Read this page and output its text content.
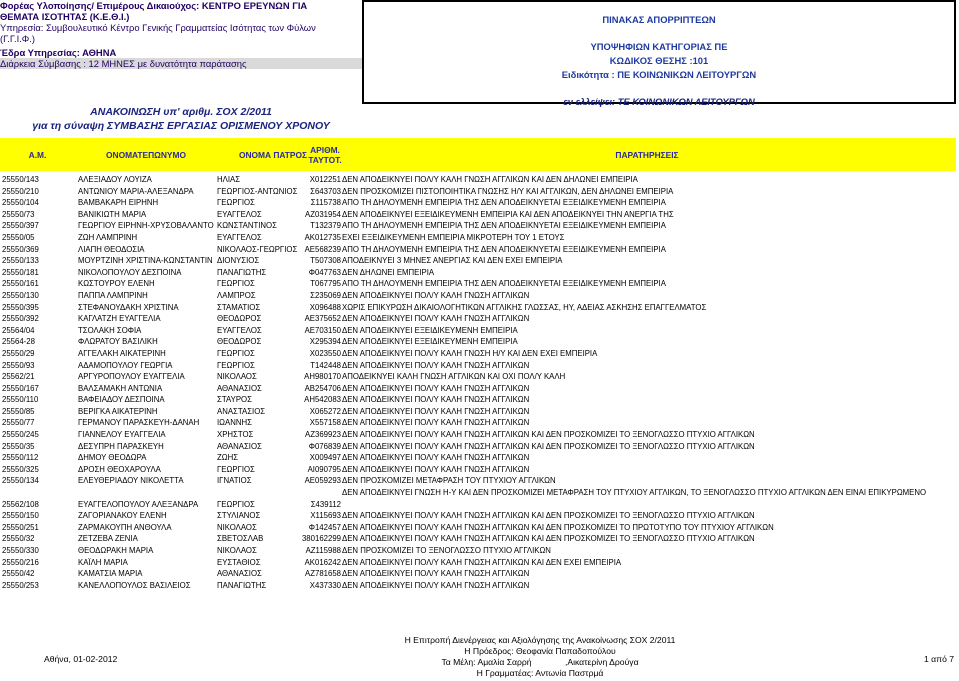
Φορέας Υλοποίησης/ Επιμέρους Δικαιούχος: ΚΕΝΤΡΟ ΕΡΕΥΝΩΝ ΓΙΑ
ΘΕΜΑΤΑ ΙΣΟΤΗΤΑΣ (Κ.Ε.Θ.Ι.)
Υπηρεσία: Συμβουλευτικό Κέντρο Γενικής Γραμματείας Ισότητας των Φύλων
(Γ.Γ.Ι.Φ.)
Έδρα Υπηρεσίας: ΑΘΗΝΑ
Διάρκεια Σύμβασης : 12 ΜΗΝΕΣ με δυνατότητα παράτασης
ΠΙΝΑΚΑΣ ΑΠΟΡΡΙΠΤΕΩΝ
ΥΠΟΨΗΦΙΩΝ ΚΑΤΗΓΟΡΙΑΣ ΠΕ
ΚΩΔΙΚΟΣ ΘΕΣΗΣ :101
Ειδικότητα : ΠΕ ΚΟΙΝΩΝΙΚΩΝ ΛΕΙΤΟΥΡΓΩΝ
εν ελλείψει: ΤΕ ΚΟΙΝΩΝΙΚΩΝ ΛΕΙΤΟΥΡΓΩΝ
ΑΝΑΚΟΙΝΩΣΗ υπ' αριθμ. ΣΟΧ 2/2011
για τη σύναψη ΣΥΜΒΑΣΗΣ ΕΡΓΑΣΙΑΣ ΟΡΙΣΜΕΝΟΥ ΧΡΟΝΟΥ
Α.Μ.	ΟΝΟΜΑΤΕΠΩΝΥΜΟ	ΟΝΟΜΑ ΠΑΤΡΟΣ ΑΡΙΘΜ. ΤΑΥΤΟΤ.	ΠΑΡΑΤΗΡΗΣΕΙΣ
25550/143	ΑΛΕΞΙΑΔΟΥ ΛΟΥΙΖΑ	ΗΛΙΑΣ	Χ012251 ΔΕΝ ΑΠΟΔΕΙΚΝΥΕΙ ΠΟΛ/Υ ΚΑΛΗ ΓΝΩΣΗ ΑΓΓΛΙΚΩΝ ΚΑΙ ΔΕΝ ΔΗΛΩΝΕΙ ΕΜΠΕΙΡΙΑ
25550/210	ΑΝΤΩΝΙΟΥ ΜΑΡΙΑ-ΑΛΕΞΑΝΔΡΑ	ΓΕΩΡΓΙΟΣ-ΑΝΤΩΝΙΟΣ	Σ643703 ΔΕΝ ΠΡΟΣΚΟΜΙΖΕΙ ΠΙΣΤΟΠΟΙΗΤΙΚΑ ΓΝΩΣΗΣ Η/Υ ΚΑΙ ΑΓΓΛΙΚΩΝ, ΔΕΝ ΔΗΛΩΝΕΙ ΕΜΠΕΙΡΙΑ
25550/104	ΒΑΜΒΑΚΑΡΗ ΕΙΡΗΝΗ	ΓΕΩΡΓΙΟΣ	Σ115738 ΑΠΟ ΤΗ ΔΗΛΟΥΜΕΝΗ ΕΜΠΕΙΡΙΑ ΤΗΣ ΔΕΝ ΑΠΟΔΕΙΚΝΥΕΤΑΙ ΕΞΕΙΔΙΚΕΥΜΕΝΗ ΕΜΠΕΙΡΙΑ
25550/73	ΒΑΝΙΚΙΩΤΗ ΜΑΡΙΑ	ΕΥΑΓΓΕΛΟΣ	ΑΖ031954 ΔΕΝ ΑΠΟΔΕΙΚΝΥΕΙ ΕΞΕΙΔΙΚΕΥΜΕΝΗ ΕΜΠΕΙΡΙΑ ΚΑΙ ΔΕΝ ΑΠΟΔΕΙΚΝΥΕΙ ΤΗΝ ΑΝΕΡΓΙΑ ΤΗΣ
25550/397	ΓΕΩΡΓΙΟΥ ΕΙΡΗΝΗ-ΧΡΥΣΟΒΑΛΑΝΤΟ ΚΩΝΣΤΑΝΤΙΝΟΣ	Τ132379 ΑΠΟ ΤΗ ΔΗΛΟΥΜΕΝΗ ΕΜΠΕΙΡΙΑ ΤΗΣ ΔΕΝ ΑΠΟΔΕΙΚΝΥΕΤΑΙ ΕΞΕΙΔΙΚΕΥΜΕΝΗ ΕΜΠΕΙΡΙΑ
25550/05	ΖΩΗ ΛΑΜΠΡΙΝΗ	ΕΥΑΓΓΕΛΟΣ	ΑΚ012735 ΕΧΕΙ ΕΞΕΙΔΙΚΕΥΜΕΝΗ ΕΜΠΕΙΡΙΑ ΜΙΚΡΟΤΕΡΗ ΤΟΥ 1 ΕΤΟΥΣ
25550/369	ΛΙΑΠΗ ΘΕΟΔΟΣΙΑ	ΝΙΚΟΛΑΟΣ-ΓΕΩΡΓΙΟΣ ΑΕ568239 ΑΠΟ ΤΗ ΔΗΛΟΥΜΕΝΗ ΕΜΠΕΙΡΙΑ ΤΗΣ ΔΕΝ ΑΠΟΔΕΙΚΝΥΕΤΑΙ ΕΞΕΙΔΙΚΕΥΜΕΝΗ ΕΜΠΕΙΡΙΑ
25550/133	ΜΟΥΡΤΖΙΝΗ ΧΡΙΣΤΙΝΑ-ΚΩΝΣΤΑΝΤΙΝ ΔΙΟΝΥΣΙΟΣ	Τ507308 ΑΠΟΔΕΙΚΝΥΕΙ 3 ΜΗΝΕΣ ΑΝΕΡΓΙΑΣ ΚΑΙ ΔΕΝ ΕΧΕΙ ΕΜΠΕΙΡΙΑ
25550/181	ΝΙΚΟΛΟΠΟΥΛΟΥ ΔΕΣΠΟΙΝΑ	ΠΑΝΑΓΙΩΤΗΣ	Φ047763 ΔΕΝ ΔΗΛΩΝΕΙ ΕΜΠΕΙΡΙΑ
25550/161	ΚΩΣΤΟΥΡΟΥ ΕΛΕΝΗ	ΓΕΩΡΓΙΟΣ	Τ067795 ΑΠΟ ΤΗ ΔΗΛΟΥΜΕΝΗ ΕΜΠΕΙΡΙΑ ΤΗΣ ΔΕΝ ΑΠΟΔΕΙΚΝΥΕΤΑΙ ΕΞΕΙΔΙΚΕΥΜΕΝΗ ΕΜΠΕΙΡΙΑ
25550/130	ΠΑΠΠΑ ΛΑΜΠΡΙΝΗ	ΛΑΜΠΡΟΣ	Σ235069 ΔΕΝ ΑΠΟΔΕΙΚΝΥΕΙ ΠΟΛ/Υ ΚΑΛΗ ΓΝΩΣΗ ΑΓΓΛΙΚΩΝ
25550/395	ΣΤΕΦΑΝΟΥΔΑΚΗ ΧΡΙΣΤΙΝΑ	ΣΤΑΜΑΤΙΟΣ	Χ096488 ΧΩΡΙΣ ΕΠΙΚΥΡΩΣΗ ΔΙΚΑΙΟΛΟΓΗΤΙΚΩΝ ΑΓΓΛΙΚΗΣ ΓΛΩΣΣΑΣ, ΗΥ, ΑΔΕΙΑΣ ΑΣΚΗΣΗΣ ΕΠΑΓΓΕΛΜΑΤΟΣ
25550/392	ΚΑΓΛΑΤΖΗ ΕΥΑΓΓΕΛΙΑ	ΘΕΟΔΩΡΟΣ	ΑΕ375652 ΔΕΝ ΑΠΟΔΕΙΚΝΥΕΙ ΠΟΛ/Υ ΚΑΛΗ ΓΝΩΣΗ ΑΓΓΛΙΚΩΝ
25564/04	ΤΣΟΛΑΚΗ ΣΟΦΙΑ	ΕΥΑΓΓΕΛΟΣ	ΑΕ703150 ΔΕΝ ΑΠΟΔΕΙΚΝΥΕΙ ΕΞΕΙΔΙΚΕΥΜΕΝΗ ΕΜΠΕΙΡΙΑ
25564-28	ΦΛΩΡΑΤΟΥ ΒΑΣΙΛΙΚΗ	ΘΕΟΔΩΡΟΣ	Χ295394 ΔΕΝ ΑΠΟΔΕΙΚΝΥΕΙ ΕΞΕΙΔΙΚΕΥΜΕΝΗ ΕΜΠΕΙΡΙΑ
25550/29	ΑΓΓΕΛΑΚΗ ΑΙΚΑΤΕΡΙΝΗ	ΓΕΩΡΓΙΟΣ	Χ023550 ΔΕΝ ΑΠΟΔΕΙΚΝΥΕΙ ΠΟΛ/Υ ΚΑΛΗ ΓΝΩΣΗ Η/Υ ΚΑΙ ΔΕΝ ΕΧΕΙ ΕΜΠΕΙΡΙΑ
25550/93	ΑΔΑΜΟΠΟΥΛΟΥ ΓΕΩΡΓΙΑ	ΓΕΩΡΓΙΟΣ	Τ142448 ΔΕΝ ΑΠΟΔΕΙΚΝΥΕΙ ΠΟΛ/Υ ΚΑΛΗ ΓΝΩΣΗ ΑΓΓΛΙΚΩΝ
25562/21	ΑΡΓΥΡΟΠΟΥΛΟΥ ΕΥΑΓΓΕΛΙΑ	ΝΙΚΟΛΑΟΣ	ΑΗ980170 ΑΠΟΔΕΙΚΝΥΕΙ ΚΑΛΗ ΓΝΩΣΗ ΑΓΓΛΙΚΩΝ ΚΑΙ ΟΧΙ ΠΟΛ/Υ ΚΑΛΗ
25550/167	ΒΑΛΣΑΜΑΚΗ ΑΝΤΩΝΙΑ	ΑΘΑΝΑΣΙΟΣ	ΑΒ254706 ΔΕΝ ΑΠΟΔΕΙΚΝΥΕΙ ΠΟΛ/Υ ΚΑΛΗ ΓΝΩΣΗ ΑΓΓΛΙΚΩΝ
25550/110	ΒΑΦΕΙΑΔΟΥ ΔΕΣΠΟΙΝΑ	ΣΤΑΥΡΟΣ	ΑΗ542083 ΔΕΝ ΑΠΟΔΕΙΚΝΥΕΙ ΠΟΛ/Υ ΚΑΛΗ ΓΝΩΣΗ ΑΓΓΛΙΚΩΝ
25550/85	ΒΕΡΙΓΚΑ ΑΙΚΑΤΕΡΙΝΗ	ΑΝΑΣΤΑΣΙΟΣ	Χ065272 ΔΕΝ ΑΠΟΔΕΙΚΝΥΕΙ ΠΟΛ/Υ ΚΑΛΗ ΓΝΩΣΗ ΑΓΓΛΙΚΩΝ
25550/77	ΓΕΡΜΑΝΟΥ ΠΑΡΑΣΚΕΥΗ-ΔΑΝΑΗ	ΙΩΑΝΝΗΣ	Χ557158 ΔΕΝ ΑΠΟΔΕΙΚΝΥΕΙ ΠΟΛ/Υ ΚΑΛΗ ΓΝΩΣΗ ΑΓΓΛΙΚΩΝ
25550/245	ΓΙΑΝΝΕΛΟΥ ΕΥΑΓΓΕΛΙΑ	ΧΡΗΣΤΟΣ	ΑΖ369923 ΔΕΝ ΑΠΟΔΕΙΚΝΥΕΙ ΠΟΛ/Υ ΚΑΛΗ ΓΝΩΣΗ ΑΓΓΛΙΚΩΝ ΚΑΙ ΔΕΝ ΠΡΟΣΚΟΜΙΖΕΙ ΤΟ ΞΕΝΟΓΛΩΣΣΟ ΠΤΥΧΙΟ ΑΓΓΛΙΚΩΝ
25550/35	ΔΕΣΥΠΡΗ ΠΑΡΑΣΚΕΥΗ	ΑΘΑΝΑΣΙΟΣ	Φ076839 ΔΕΝ ΑΠΟΔΕΙΚΝΥΕΙ ΠΟΛ/Υ ΚΑΛΗ ΓΝΩΣΗ ΑΓΓΛΙΚΩΝ ΚΑΙ ΔΕΝ ΠΡΟΣΚΟΜΙΖΕΙ ΤΟ ΞΕΝΟΓΛΩΣΣΟ ΠΤΥΧΙΟ ΑΓΓΛΙΚΩΝ
25550/112	ΔΗΜΟΥ ΘΕΟΔΩΡΑ	ΖΩΗΣ	Χ009497 ΔΕΝ ΑΠΟΔΕΙΚΝΥΕΙ ΠΟΛ/Υ ΚΑΛΗ ΓΝΩΣΗ ΑΓΓΛΙΚΩΝ
25550/325	ΔΡΟΣΗ ΘΕΟΧΑΡΟΥΛΑ	ΓΕΩΡΓΙΟΣ	ΑΙ090795 ΔΕΝ ΑΠΟΔΕΙΚΝΥΕΙ ΠΟΛ/Υ ΚΑΛΗ ΓΝΩΣΗ ΑΓΓΛΙΚΩΝ
25550/134	ΕΛΕΥΘΕΡΙΑΔΟΥ ΝΙΚΟΛΕΤΤΑ	ΙΓΝΑΤΙΟΣ	ΑΕ059293 ΔΕΝ ΠΡΟΣΚΟΜΙΖΕΙ ΜΕΤΑΦΡΑΣΗ ΤΟΥ ΠΤΥΧΙΟΥ ΑΓΓΛΙΚΩΝ
25562/108	ΕΥΑΓΓΕΛΟΠΟΥΛΟΥ ΑΛΕΞΑΝΔΡΑ	ΓΕΩΡΓΙΟΣ	Σ439112
ΔΕΝ ΑΠΟΔΕΙΚΝΥΕΙ ΓΝΩΣΗ Η-Υ ΚΑΙ ΔΕΝ ΠΡΟΣΚΟΜΙΖΕΙ ΜΕΤΑΦΡΑΣΗ ΤΟΥ ΠΤΥΧΙΟΥ ΑΓΓΛΙΚΩΝ, ΤΟ ΞΕΝΟΓΛΩΣΣΟ ΠΤΥΧΙΟ ΑΓΓΛΙΚΩΝ ΔΕΝ ΕΙΝΑΙ ΕΠΙΚΥΡΩΜΕΝΟ
25550/150	ΖΑΓΟΡΙΑΝΑΚΟΥ ΕΛΕΝΗ	ΣΤΥΛΙΑΝΟΣ	Χ115693 ΔΕΝ ΑΠΟΔΕΙΚΝΥΕΙ ΠΟΛ/Υ ΚΑΛΗ ΓΝΩΣΗ ΑΓΓΛΙΚΩΝ ΚΑΙ ΔΕΝ ΠΡΟΣΚΟΜΙΖΕΙ ΤΟ ΞΕΝΟΓΛΩΣΣΟ ΠΤΥΧΙΟ ΑΓΓΛΙΚΩΝ
25550/251	ΖΑΡΜΑΚΟΥΠΗ ΑΝΘΟΥΛΑ	ΝΙΚΟΛΑΟΣ	Φ142457 ΔΕΝ ΑΠΟΔΕΙΚΝΥΕΙ ΠΟΛ/Υ ΚΑΛΗ ΓΝΩΣΗ ΑΓΓΛΙΚΩΝ ΚΑΙ ΔΕΝ ΠΡΟΣΚΟΜΙΖΕΙ ΤΟ ΠΡΩΤΟΤΥΠΟ ΤΟΥ ΠΤΥΧΙΟΥ ΑΓΓΛΙΚΩΝ
25550/32	ΖΕΤΖΕΒΑ ΖΕΝΙΑ	ΣΒΕΤΟΣΛΑΒ	380162299 ΔΕΝ ΑΠΟΔΕΙΚΝΥΕΙ ΠΟΛ/Υ ΚΑΛΗ ΓΝΩΣΗ ΑΓΓΛΙΚΩΝ ΚΑΙ ΔΕΝ ΠΡΟΣΚΟΜΙΖΕΙ ΤΟ ΞΕΝΟΓΛΩΣΣΟ ΠΤΥΧΙΟ ΑΓΓΛΙΚΩΝ
25550/330	ΘΕΟΔΩΡΑΚΗ ΜΑΡΙΑ	ΝΙΚΟΛΑΟΣ	ΑΖ115988 ΔΕΝ ΠΡΟΣΚΟΜΙΖΕΙ ΤΟ ΞΕΝΟΓΛΩΣΣΟ ΠΤΥΧΙΟ ΑΓΓΛΙΚΩΝ
25550/216	ΚΑΪΛΗ ΜΑΡΙΑ	ΕΥΣΤΑΘΙΟΣ	ΑΚ016242 ΔΕΝ ΑΠΟΔΕΙΚΝΥΕΙ ΠΟΛ/Υ ΚΑΛΗ ΓΝΩΣΗ ΑΓΓΛΙΚΩΝ ΚΑΙ ΔΕΝ ΕΧΕΙ ΕΜΠΕΙΡΙΑ
25550/42	ΚΑΜΑΤΣΙΑ ΜΑΡΙΑ	ΑΘΑΝΑΣΙΟΣ	ΑΖ781658 ΔΕΝ ΑΠΟΔΕΙΚΝΥΕΙ ΠΟΛ/Υ ΚΑΛΗ ΓΝΩΣΗ ΑΓΓΛΙΚΩΝ
25550/253	ΚΑΝΕΛΛΟΠΟΥΛΟΣ ΒΑΣΙΛΕΙΟΣ	ΠΑΝΑΓΙΩΤΗΣ	Χ437330 ΔΕΝ ΑΠΟΔΕΙΚΝΥΕΙ ΠΟΛ/Υ ΚΑΛΗ ΓΝΩΣΗ ΑΓΓΛΙΚΩΝ
Η Επιτροπή Διενέργειας και Αξιολόγησης της Ανακοίνωσης ΣΟΧ 2/2011
Η Πρόεδρος: Θεοφανία Παπαδοπούλου
Τα Μέλη: Αμαλία Σαρρή              ,Αικατερίνη Δρούγα
Η Γραμματέας: Αντωνία Παστρμά
Αθήνα, 01-02-2012	1 από 7
